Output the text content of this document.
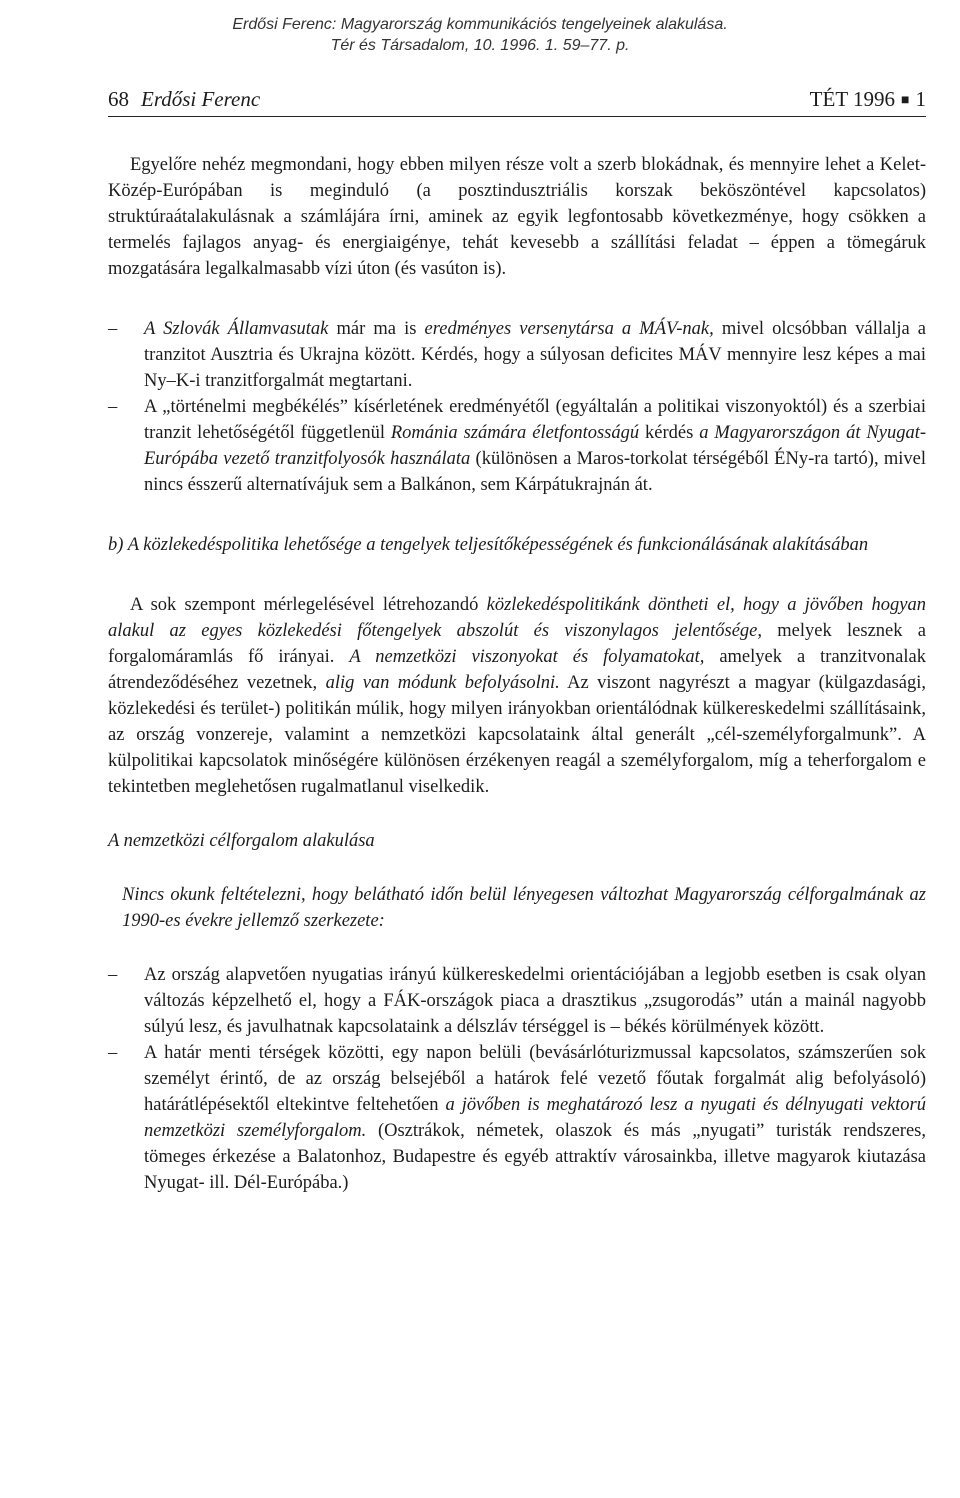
Erdősi Ferenc: Magyarország kommunikációs tengelyeinek alakulása.
Tér és Társadalom, 10. 1996. 1. 59–77. p.
68 Erdősi Ferenc	TÉT 1996 ■ 1

Egyelőre nehéz megmondani, hogy ebben milyen része volt a szerb blokádnak, és mennyire lehet a Kelet-Közép-Európában is meginduló (a posztindusztriális korszak beköszöntével kapcsolatos) struktúraátalakulásnak a számlájára írni, aminek az egyik legfontosabb következménye, hogy csökken a termelés fajlagos anyag- és energiaigénye, tehát kevesebb a szállítási feladat – éppen a tömegáruk mozgatására legalkalmasabb vízi úton (és vasúton is).

– A Szlovák Államvasutak már ma is eredményes versenytársa a MÁV-nak, mivel olcsóbban vállalja a tranzitot Ausztria és Ukrajna között. Kérdés, hogy a súlyosan deficites MÁV mennyire lesz képes a mai Ny–K-i tranzitforgalmát megtartani.
– A „történelmi megbékélés” kísérletének eredményétől (egyáltalán a politikai viszonyoktól) és a szerbiai tranzit lehetőségétől függetlenül Románia számára életfontosságú kérdés a Magyarországon át Nyugat-Európába vezető tranzitfolyosók használata (különösen a Maros-torkolat térségéből ÉNy-ra tartó), mivel nincs ésszerű alternatívájuk sem a Balkánon, sem Kárpátukrajnán át.

b) A közlekedéspolitika lehetősége a tengelyek teljesítőképességének és funkcionálásának alakításában

A sok szempont mérlegelésével létrehozandó közlekedéspolitikánk döntheti el, hogy a jövőben hogyan alakul az egyes közlekedési főtengelyek abszolút és viszonylagos jelentősége, melyek lesznek a forgalomáramlás fő irányai. A nemzetközi viszonyokat és folyamatokat, amelyek a tranzitvonalak átrendeződéséhez vezetnek, alig van módunk befolyásolni. Az viszont nagyrészt a magyar (külgazdasági, közlekedési és terület-) politikán múlik, hogy milyen irányokban orientálódnak külkereskedelmi szállításaink, az ország vonzereje, valamint a nemzetközi kapcsolataink által generált „cél-személyforgalmunk”. A külpolitikai kapcsolatok minőségére különösen érzékenyen reagál a személyforgalom, míg a teherforgalom e tekintetben meglehetősen rugalmatlanul viselkedik.

A nemzetközi célforgalom alakulása

Nincs okunk feltételezni, hogy belátható időn belül lényegesen változhat Magyarország célforgalmának az 1990-es évekre jellemző szerkezete:

– Az ország alapvetően nyugatias irányú külkereskedelmi orientációjában a legjobb esetben is csak olyan változás képzelhető el, hogy a FÁK-országok piaca a drasztikus „zsugorodás” után a mainál nagyobb súlyú lesz, és javulhatnak kapcsolataink a délszláv térséggel is – békés körülmények között.
– A határ menti térségek közötti, egy napon belüli (bevásárlóturizmussal kapcsolatos, számszerűen sok személyt érintő, de az ország belsejéből a határok felé vezető főutak forgalmát alig befolyásoló) határátlépésektől eltekintve feltehetően a jövőben is meghatározó lesz a nyugati és délnyugati vektorú nemzetközi személyforgalom. (Osztrákok, németek, olaszok és más „nyugati” turisták rendszeres, tömeges érkezése a Balatonhoz, Budapestre és egyéb attraktív városainkba, illetve magyarok kiutazása Nyugat- ill. Dél-Európába.)
